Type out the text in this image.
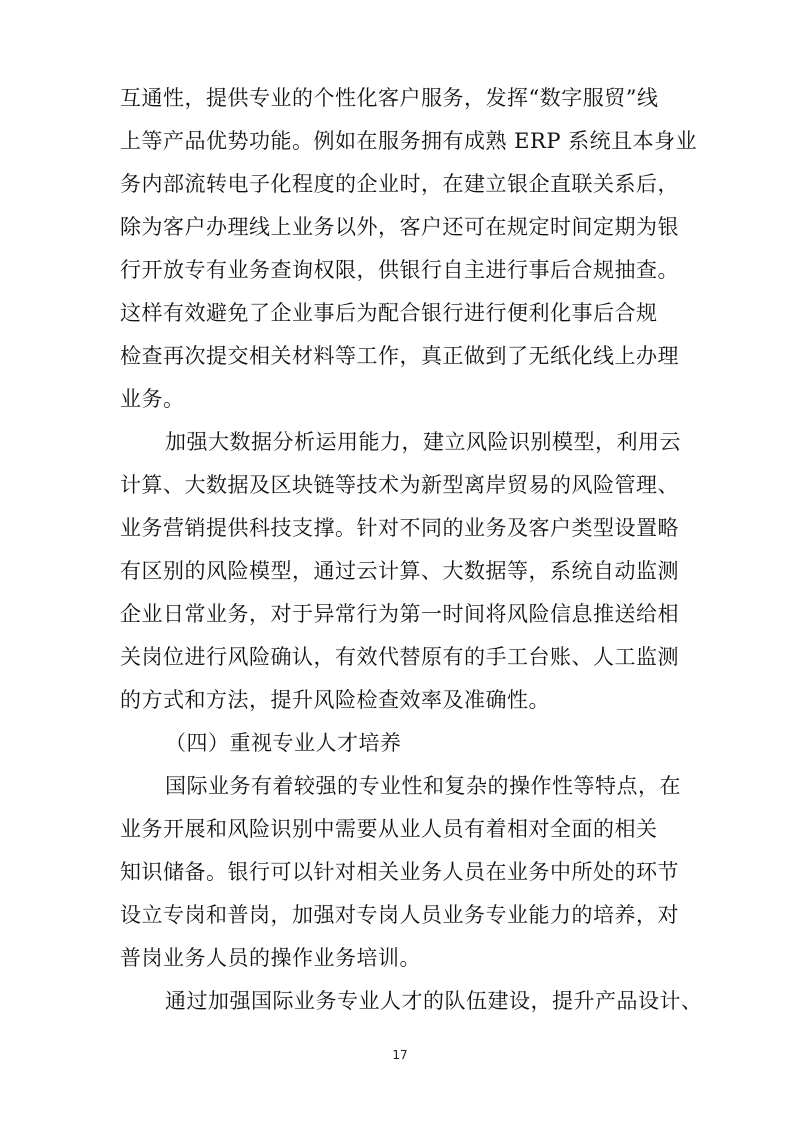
互通性，提供专业的个性化客户服务，发挥“数字服贸”线
上等产品优势功能。例如在服务拥有成熟 ERP 系统且本身业
务内部流转电子化程度的企业时，在建立银企直联关系后，
除为客户办理线上业务以外，客户还可在规定时间定期为银
行开放专有业务查询权限，供银行自主进行事后合规抽查。
这样有效避免了企业事后为配合银行进行便利化事后合规
检查再次提交相关材料等工作，真正做到了无纸化线上办理
业务。
加强大数据分析运用能力，建立风险识别模型，利用云
计算、大数据及区块链等技术为新型离岸贸易的风险管理、
业务营销提供科技支撑。针对不同的业务及客户类型设置略
有区别的风险模型，通过云计算、大数据等，系统自动监测
企业日常业务，对于异常行为第一时间将风险信息推送给相
关岗位进行风险确认，有效代替原有的手工台账、人工监测
的方式和方法，提升风险检查效率及准确性。
（四）重视专业人才培养
国际业务有着较强的专业性和复杂的操作性等特点，在
业务开展和风险识别中需要从业人员有着相对全面的相关
知识储备。银行可以针对相关业务人员在业务中所处的环节
设立专岗和普岗，加强对专岗人员业务专业能力的培养，对
普岗业务人员的操作业务培训。
通过加强国际业务专业人才的队伍建设，提升产品设计、
17
